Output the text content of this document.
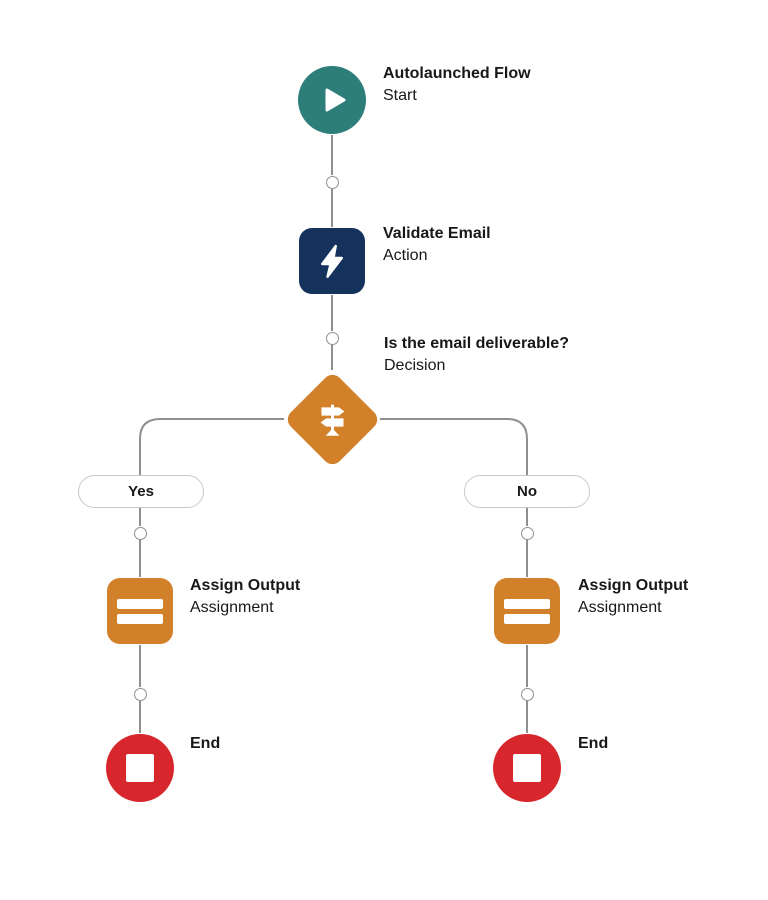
Autolaunched Flow
Start
Validate Email
Action
Is the email deliverable?
Decision
Yes	No
Assign Output
Assignment
Assign Output
Assignment
End	End
